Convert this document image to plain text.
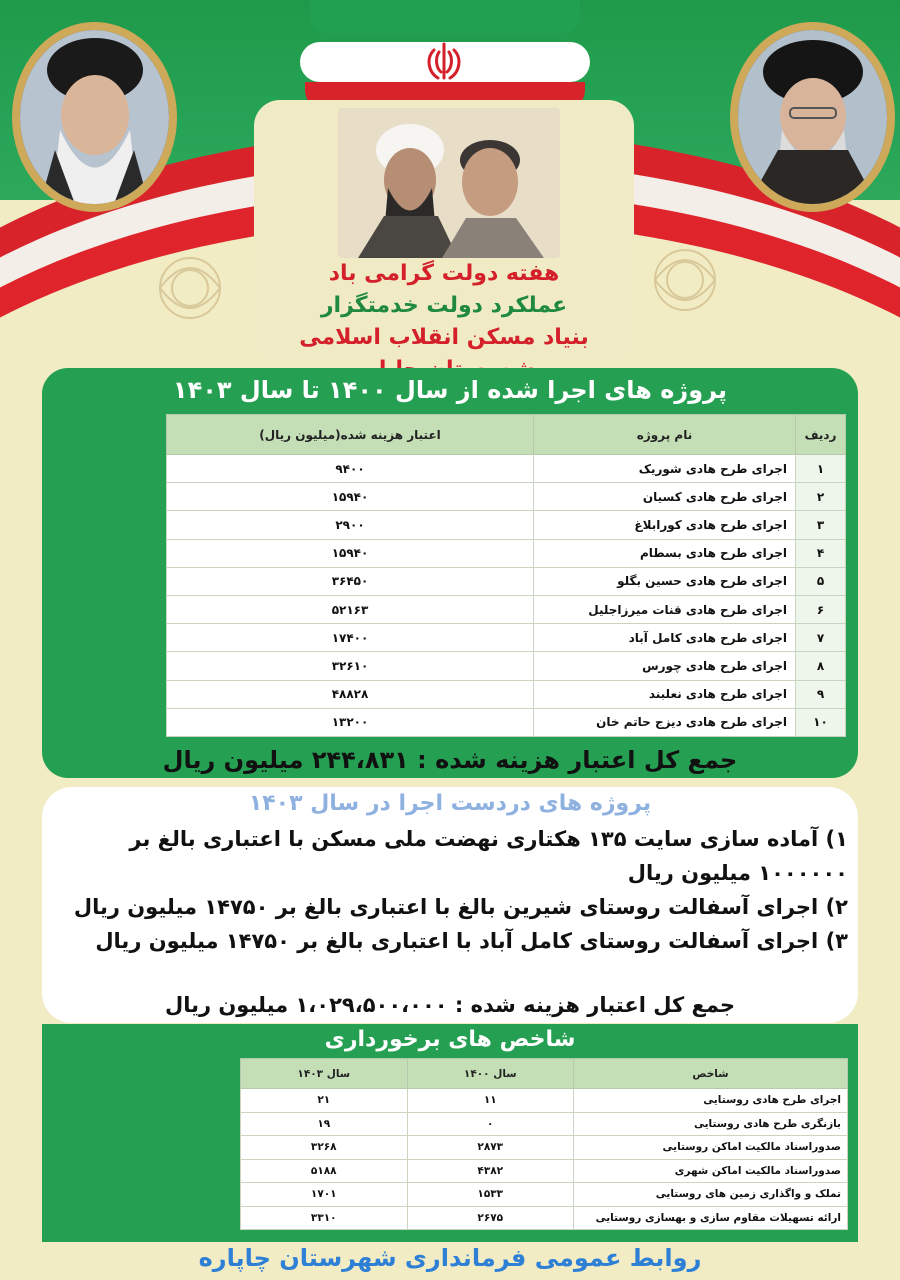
هفته دولت گرامی باد
عملکرد دولت خدمتگزار
بنیاد مسکن انقلاب اسلامی
پروژه های اجرا شده از سال ۱۴۰۰ تا سال ۱۴۰۳
ردیف	نام پروژه	اعتبار هزینه شده(میلیون ریال)
۱	اجرای طرح هادی شوریک	۹۴۰۰
۲	اجرای طرح هادی کسیان	۱۵۹۴۰
۳	اجرای طرح هادی کورابلاغ	۲۹۰۰
۴	اجرای طرح هادی بسطام	۱۵۹۴۰
۵	اجرای طرح هادی حسین بگلو	۳۶۴۵۰
۶	اجرای طرح هادی قنات میرزاجلیل	۵۲۱۶۳
۷	اجرای طرح هادی کامل آباد	۱۷۴۰۰
۸	اجرای طرح هادی چورس	۳۲۶۱۰
۹	اجرای طرح هادی نعلبند	۴۸۸۲۸
۱۰	اجرای طرح هادی دیزج حاتم خان	۱۳۲۰۰
جمع کل اعتبار هزینه شده : ۲۴۴،۸۳۱ میلیون ریال
پروژه های دردست اجرا در سال ۱۴۰۳

۱) آماده سازی سایت ۱۳۵ هکتاری نهضت ملی مسکن با اعتباری بالغ بر ۱۰۰۰۰۰۰ میلیون ریال

۲) اجرای آسفالت روستای شیرین بالغ با اعتباری بالغ بر ۱۴۷۵۰ میلیون ریال

۳) اجرای آسفالت روستای کامل آباد با اعتباری بالغ بر ۱۴۷۵۰ میلیون ریال

جمع کل اعتبار هزینه شده : ۱،۰۲۹،۵۰۰،۰۰۰ میلیون ریال
شاخص های برخورداری
شاخص	سال ۱۴۰۰	سال ۱۴۰۳
اجرای طرح هادی روستایی	۱۱	۲۱
بازنگری طرح هادی روستایی	۰	۱۹
صدوراسناد مالکیت اماکن روستایی	۲۸۷۳	۳۲۶۸
صدوراسناد مالکیت اماکن شهری	۴۳۸۲	۵۱۸۸
تملک و واگذاری زمین های روستایی	۱۵۳۳	۱۷۰۱
ارائه تسهیلات مقاوم سازی و بهسازی روستایی	۲۶۷۵	۳۳۱۰
روابط عمومی فرمانداری شهرستان چاپاره
